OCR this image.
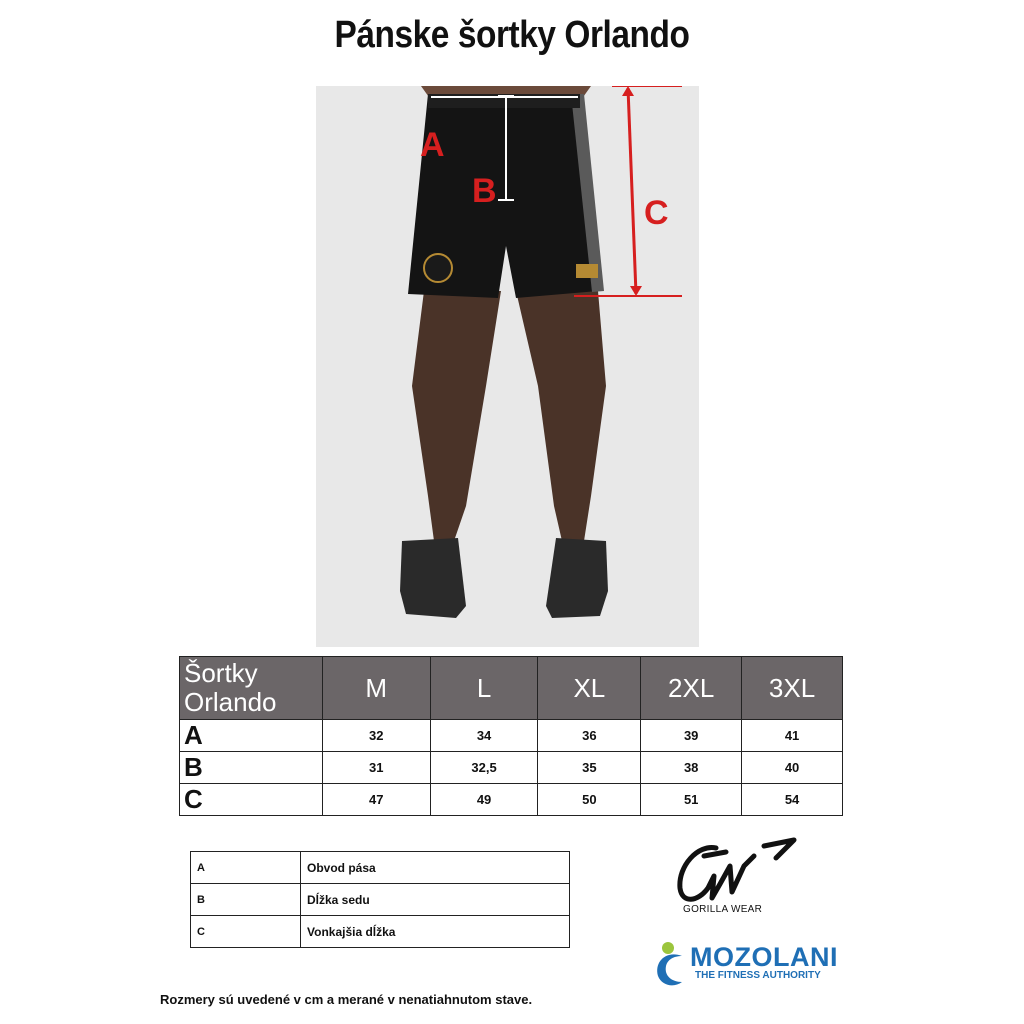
Pánske šortky Orlando
A
B
C
Šortky
Orlando	M	L	XL	2XL	3XL
A	32	34	36	39	41
B	31	32,5	35	38	40
C	47	49	50	51	54
A	Obvod pása
B	Dĺžka sedu
C	Vonkajšia dĺžka
GORILLA WEAR
MOZOLANI
THE FITNESS AUTHORITY
Rozmery sú uvedené v cm a merané v nenatiahnutom stave.
